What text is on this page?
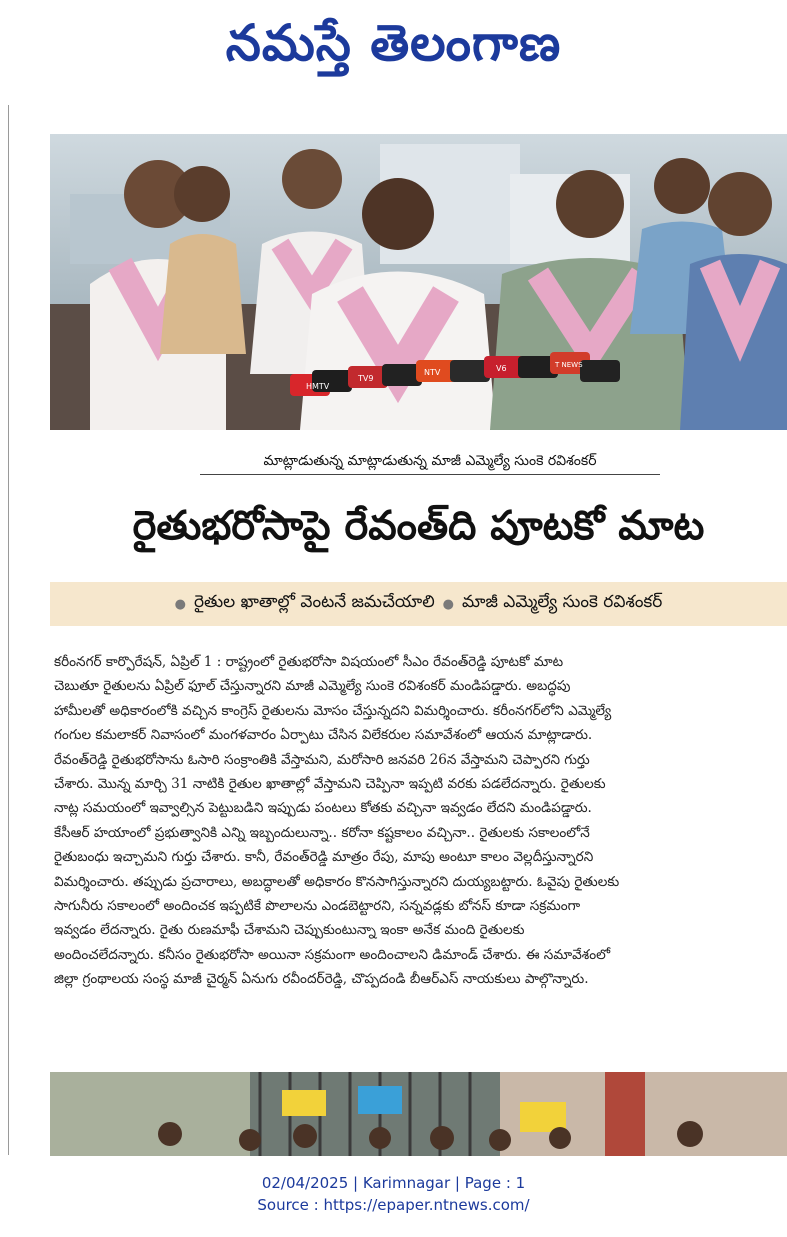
నమస్తే తెలంగాణ
HMTV
TV9
NTV	V6	T NEWS
మాట్లాడుతున్న మాట్లాడుతున్న మాజీ ఎమ్మెల్యే సుంకె రవిశంకర్
రైతుభరోసాపై రేవంత్‌ది పూటకో మాట
● రైతుల ఖాతాల్లో వెంటనే జమచేయాలి ● మాజీ ఎమ్మెల్యే సుంకె రవిశంకర్
కరీంనగర్ కార్పొరేషన్, ఏప్రిల్ 1 : రాష్ట్రంలో రైతుభరోసా విషయంలో సీఎం రేవంత్‌రెడ్డి పూటకో మాట
చెబుతూ రైతులను ఏప్రిల్ ఫూల్ చేస్తున్నారని మాజీ ఎమ్మెల్యే సుంకె రవిశంకర్ మండిపడ్డారు. అబద్ధపు
హామీలతో అధికారంలోకి వచ్చిన కాంగ్రెస్ రైతులను మోసం చేస్తున్నదని విమర్శించారు. కరీంనగర్‌లోని ఎమ్మెల్యే
గంగుల కమలాకర్ నివాసంలో మంగళవారం ఏర్పాటు చేసిన విలేకరుల సమావేశంలో ఆయన మాట్లాడారు.
రేవంత్‌రెడ్డి రైతుభరోసాను ఓసారి సంక్రాంతికి వేస్తామని, మరోసారి జనవరి 26న వేస్తామని చెప్పారని గుర్తు
చేశారు. మొన్న మార్చి 31 నాటికి రైతుల ఖాతాల్లో వేస్తామని చెప్పినా ఇప్పటి వరకు పడలేదన్నారు. రైతులకు
నాట్ల సమయంలో ఇవ్వాల్సిన పెట్టుబడిని ఇప్పుడు పంటలు కోతకు వచ్చినా ఇవ్వడం లేదని మండిపడ్డారు.
కేసీఆర్ హయాంలో ప్రభుత్వానికి ఎన్ని ఇబ్బందులున్నా.. కరోనా కష్టకాలం వచ్చినా.. రైతులకు సకాలంలోనే
రైతుబంధు ఇచ్చామని గుర్తు చేశారు. కానీ, రేవంత్‌రెడ్డి మాత్రం రేపు, మాపు అంటూ కాలం వెల్లదీస్తున్నారని
విమర్శించారు. తప్పుడు ప్రచారాలు, అబద్ధాలతో అధికారం కొనసాగిస్తున్నారని దుయ్యబట్టారు. ఓవైపు రైతులకు
సాగునీరు సకాలంలో అందించక ఇప్పటికే పొలాలను ఎండబెట్టారని, సన్నవడ్లకు బోనస్ కూడా సక్రమంగా
ఇవ్వడం లేదన్నారు. రైతు రుణమాఫీ చేశామని చెప్పుకుంటున్నా ఇంకా అనేక మంది రైతులకు
అందించలేదన్నారు. కనీసం రైతుభరోసా అయినా సక్రమంగా అందించాలని డిమాండ్ చేశారు. ఈ సమావేశంలో
జిల్లా గ్రంథాలయ సంస్థ మాజీ చైర్మన్ ఏనుగు రవీందర్‌రెడ్డి, చొప్పదండి బీఆర్ఎస్ నాయకులు పాల్గొన్నారు.
02/04/2025 | Karimnagar | Page : 1
Source : https://epaper.ntnews.com/
